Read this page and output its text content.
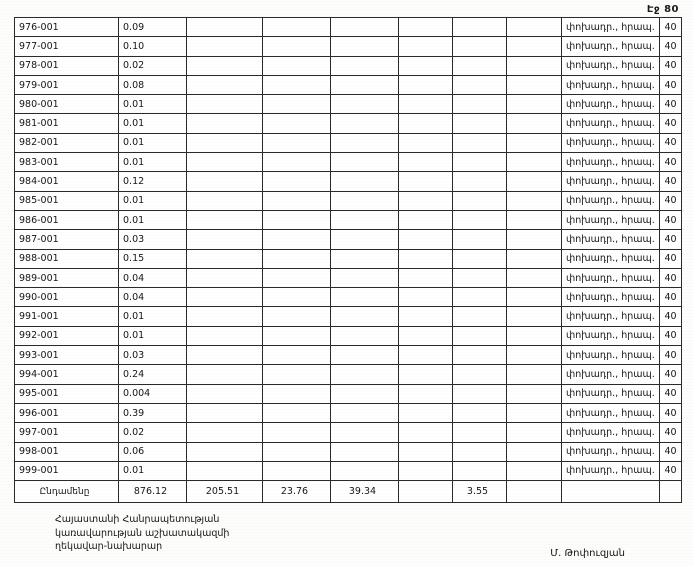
Էջ 80
976-001	0.09							փոխադր., հրապ.	40
977-001	0.10							փոխադր., հրապ.	40
978-001	0.02							փոխադր., հրապ.	40
979-001	0.08							փոխադր., հրապ.	40
980-001	0.01							փոխադր., հրապ.	40
981-001	0.01							փոխադր., հրապ.	40
982-001	0.01							փոխադր., հրապ.	40
983-001	0.01							փոխադր., հրապ.	40
984-001	0.12							փոխադր., հրապ.	40
985-001	0.01							փոխադր., հրապ.	40
986-001	0.01							փոխադր., հրապ.	40
987-001	0.03							փոխադր., հրապ.	40
988-001	0.15							փոխադր., հրապ.	40
989-001	0.04							փոխադր., հրապ.	40
990-001	0.04							փոխադր., հրապ.	40
991-001	0.01							փոխադր., հրապ.	40
992-001	0.01							փոխադր., հրապ.	40
993-001	0.03							փոխադր., հրապ.	40
994-001	0.24							փոխադր., հրապ.	40
995-001	0.004							փոխադր., հրապ.	40
996-001	0.39							փոխադր., հրապ.	40
997-001	0.02							փոխադր., հրապ.	40
998-001	0.06							փոխադր., հրապ.	40
999-001	0.01							փոխադր., հրապ.	40
Ընդամենը	876.12	205.51	23.76	39.34		3.55			
Հայաստանի Հանրապետության
կառավարության աշխատակազմի
ղեկավար-նախարար
Մ. Թոփուզյան
